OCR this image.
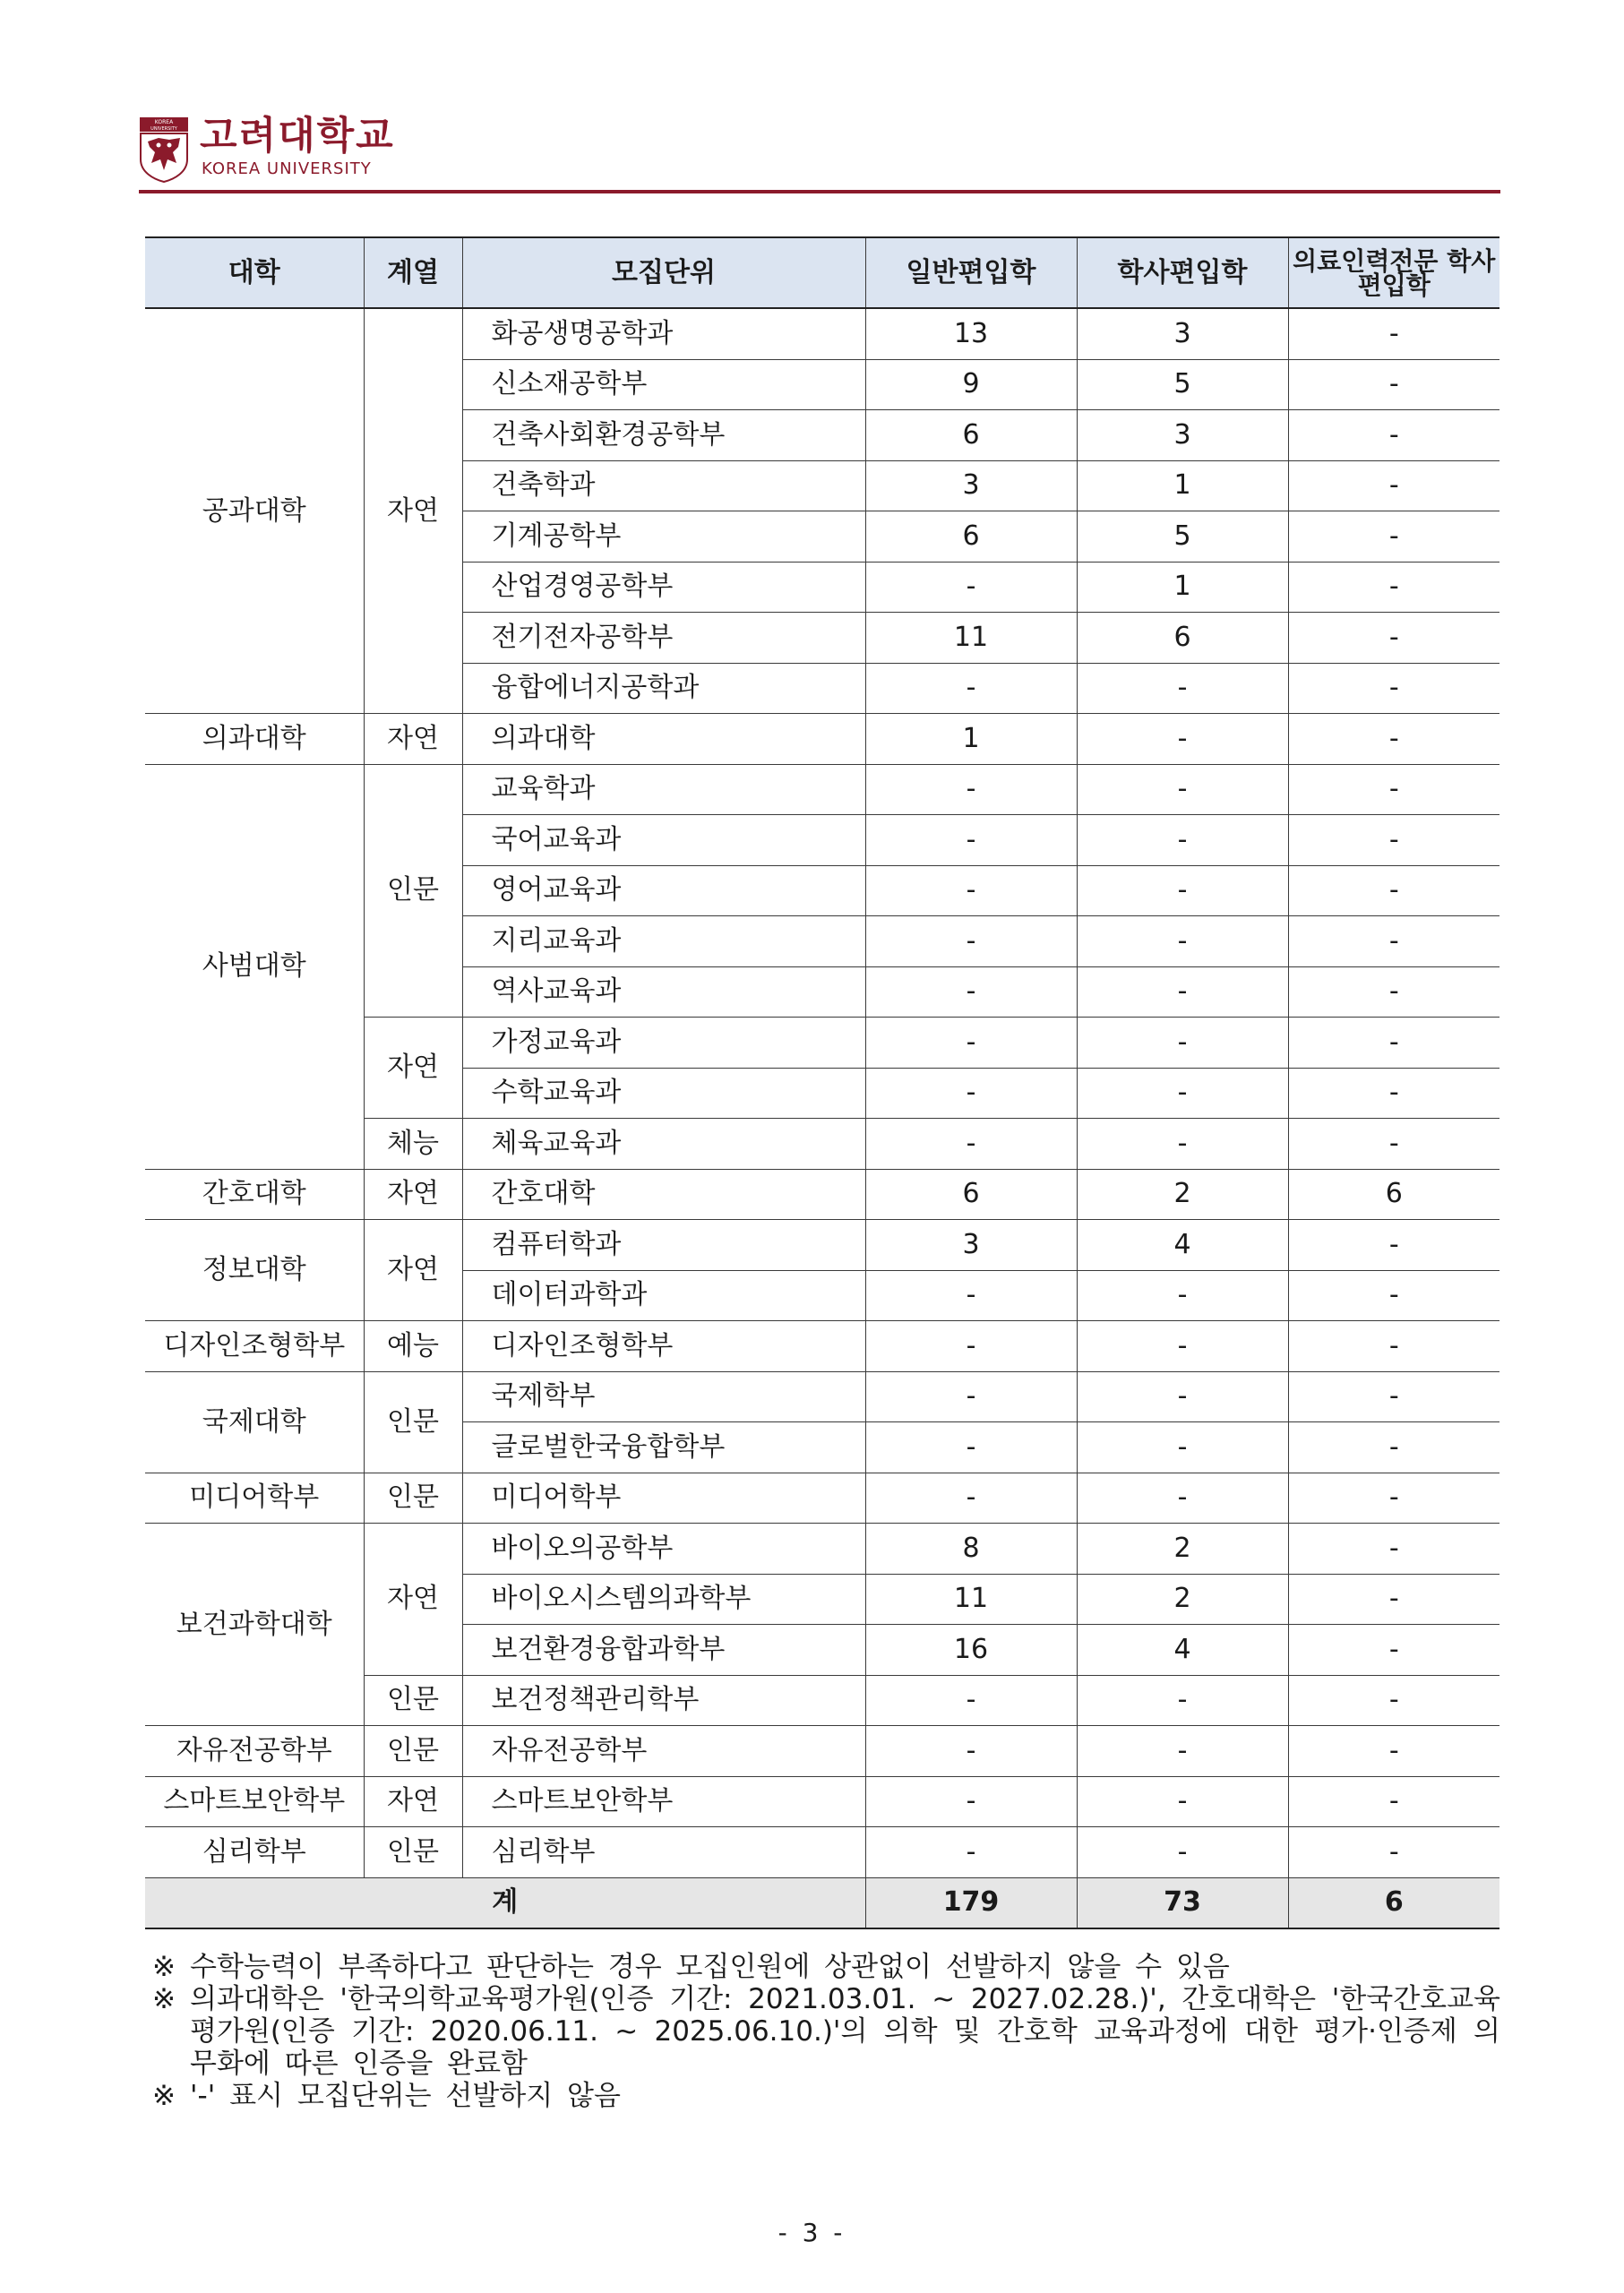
KOREA
UNIVERSITY 고려대학교
KOREA UNIVERSITY
대학	계열	모집단위	일반편입학	학사편입학	의료인력전문 학사편입학
공과대학	자연	화공생명공학과	13	3	-
		신소재공학부	9	5	-
		건축사회환경공학부	6	3	-
		건축학과	3	1	-
		기계공학부	6	5	-
		산업경영공학부	-	1	-
		전기전자공학부	11	6	-
		융합에너지공학과	-	-	-
의과대학	자연	의과대학	1	-	-
사범대학	인문	교육학과	-	-	-
		국어교육과	-	-	-
		영어교육과	-	-	-
		지리교육과	-	-	-
		역사교육과	-	-	-
	자연	가정교육과	-	-	-
		수학교육과	-	-	-
	체능	체육교육과	-	-	-
간호대학	자연	간호대학	6	2	6
정보대학	자연	컴퓨터학과	3	4	-
		데이터과학과	-	-	-
디자인조형학부	예능	디자인조형학부	-	-	-
국제대학	인문	국제학부	-	-	-
		글로벌한국융합학부	-	-	-
미디어학부	인문	미디어학부	-	-	-
보건과학대학	자연	바이오의공학부	8	2	-
		바이오시스템의과학부	11	2	-
		보건환경융합과학부	16	4	-
	인문	보건정책관리학부	-	-	-
자유전공학부	인문	자유전공학부	-	-	-
스마트보안학부	자연	스마트보안학부	-	-	-
심리학부	인문	심리학부	-	-	-
계			179	73	6
※ 수학능력이 부족하다고 판단하는 경우 모집인원에 상관없이 선발하지 않을 수 있음
※ 의과대학은 '한국의학교육평가원(인증 기간: 2021.03.01. ~ 2027.02.28.)', 간호대학은 '한국간호교육평가원(인증 기간: 2020.06.11. ~ 2025.06.10.)'의 의학 및 간호학 교육과정에 대한 평가·인증제 의무화에 따른 인증을 완료함
※ '-' 표시 모집단위는 선발하지 않음
- 3 -
